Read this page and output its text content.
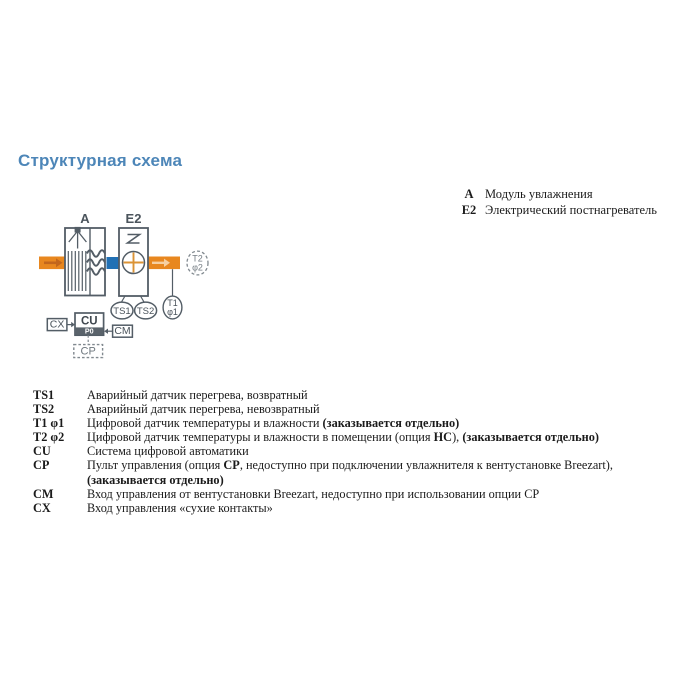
Структурная схема
A	E2
TS1 TS2
T1
φ1
T2
φ2
CU
P0
CX
CM
CP
A Модуль увлажнения
E2 Электрический постнагреватель
TS1	Аварийный датчик перегрева, возвратный
TS2	Аварийный датчик перегрева, невозвратный
T1 φ1	Цифровой датчик температуры и влажности (заказывается отдельно)
T2 φ2	Цифровой датчик температуры и влажности в помещении (опция НС), (заказывается отдельно)
CU	Система цифровой автоматики
CP	Пульт управления (опция СР, недоступно при подключении увлажнителя к вентустановке Breezart),
(заказывается отдельно)
CM	Вход управления от вентустановки Breezart, недоступно при использовании опции СР
CX	Вход управления «сухие контакты»
